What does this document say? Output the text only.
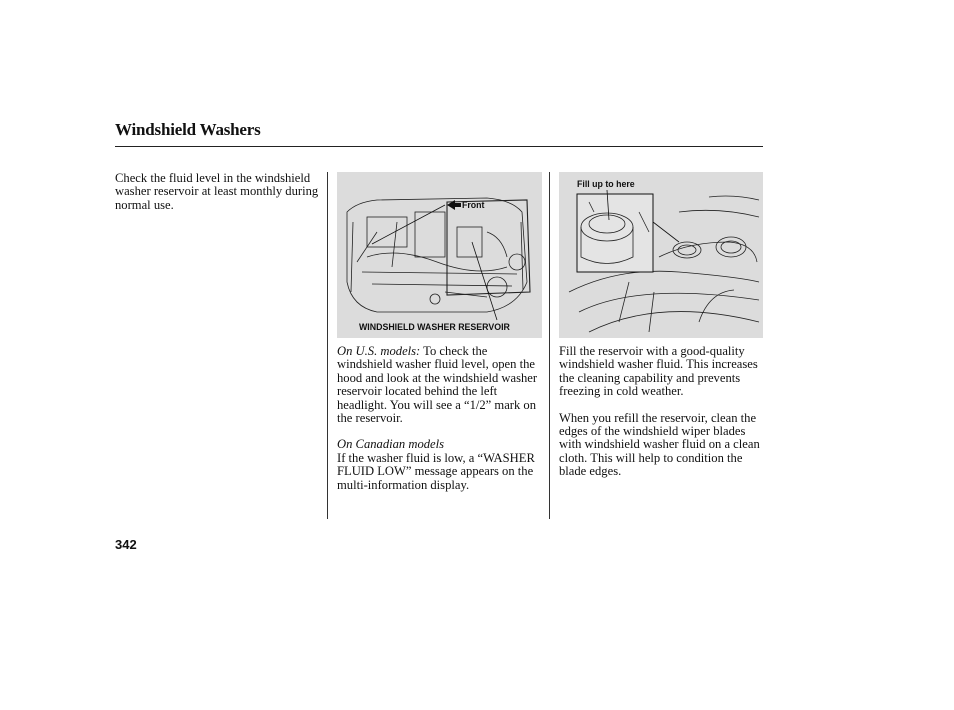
Windshield Washers

Check the fluid level in the windshield washer reservoir at least monthly during normal use.	Front
WINDSHIELD WASHER RESERVOIR
Fill up to here

On U.S. models: To check the windshield washer fluid level, open the hood and look at the windshield washer reservoir located behind the left headlight. You will see a “1/2” mark on the reservoir.

On Canadian models

If the washer fluid is low, a “WASHER FLUID LOW” message appears on the multi-information display.

Fill the reservoir with a good-quality windshield washer fluid. This increases the cleaning capability and prevents freezing in cold weather.

When you refill the reservoir, clean the edges of the windshield wiper blades with windshield washer fluid on a clean cloth. This will help to condition the blade edges.

342
